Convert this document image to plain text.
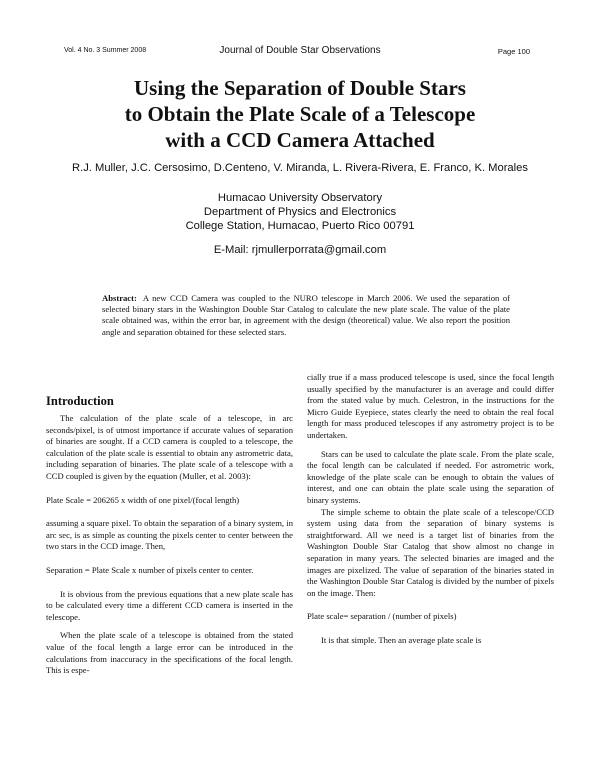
Vol. 4 No. 3 Summer 2008	Journal of Double Star Observations	Page 100
Using the Separation of Double Stars
to Obtain the Plate Scale of a Telescope
with a CCD Camera Attached
R.J. Muller, J.C. Cersosimo, D.Centeno, V. Miranda, L. Rivera-Rivera, E. Franco, K. Morales
Humacao University Observatory
Department of Physics and Electronics
College Station, Humacao, Puerto Rico 00791
E-Mail: rjmullerporrata@gmail.com
Abstract: A new CCD Camera was coupled to the NURO telescope in March 2006. We used the separation of selected binary stars in the Washington Double Star Catalog to calculate the new plate scale. The value of the plate scale obtained was, within the error bar, in agreement with the design (theoretical) value. We also report the position angle and separation obtained for these selected stars.
Introduction

The calculation of the plate scale of a telescope, in arc seconds/pixel, is of utmost importance if accurate values of separation of binaries are sought. If a CCD camera is coupled to a telescope, the calculation of the plate scale is essential to obtain any astrometric data, including separation of binaries. The plate scale of a telescope with a CCD coupled is given by the equation (Muller, et al. 2003):

Plate Scale = 206265 x width of one pixel/(focal length)

assuming a square pixel. To obtain the separation of a binary system, in arc sec, is as simple as counting the pixels center to center between the two stars in the CCD image. Then,

Separation = Plate Scale x number of pixels center to center.

It is obvious from the previous equations that a new plate scale has to be calculated every time a different CCD camera is inserted in the telescope.

When the plate scale of a telescope is obtained from the stated value of the focal length a large error can be introduced in the calculations from inaccuracy in the specifications of the focal length. This is espe-

cially true if a mass produced telescope is used, since the focal length usually specified by the manufacturer is an average and could differ from the stated value by much. Celestron, in the instructions for the Micro Guide Eyepiece, states clearly the need to obtain the real focal length for mass produced telescopes if any astrometry project is to be undertaken.

Stars can be used to calculate the plate scale. From the plate scale, the focal length can be calculated if needed. For astrometric work, knowledge of the plate scale can be enough to obtain the values of interest, and one can obtain the plate scale using the separation of binary systems.

The simple scheme to obtain the plate scale of a telescope/CCD system using data from the separation of binary systems is straightforward. All we need is a target list of binaries from the Washington Double Star Catalog that show almost no change in separation in many years. The selected binaries are imaged and the images are pixelized. The value of separation of the binaries stated in the Washington Double Star Catalog is divided by the number of pixels on the image. Then:

Plate scale= separation / (number of pixels)

It is that simple. Then an average plate scale is
